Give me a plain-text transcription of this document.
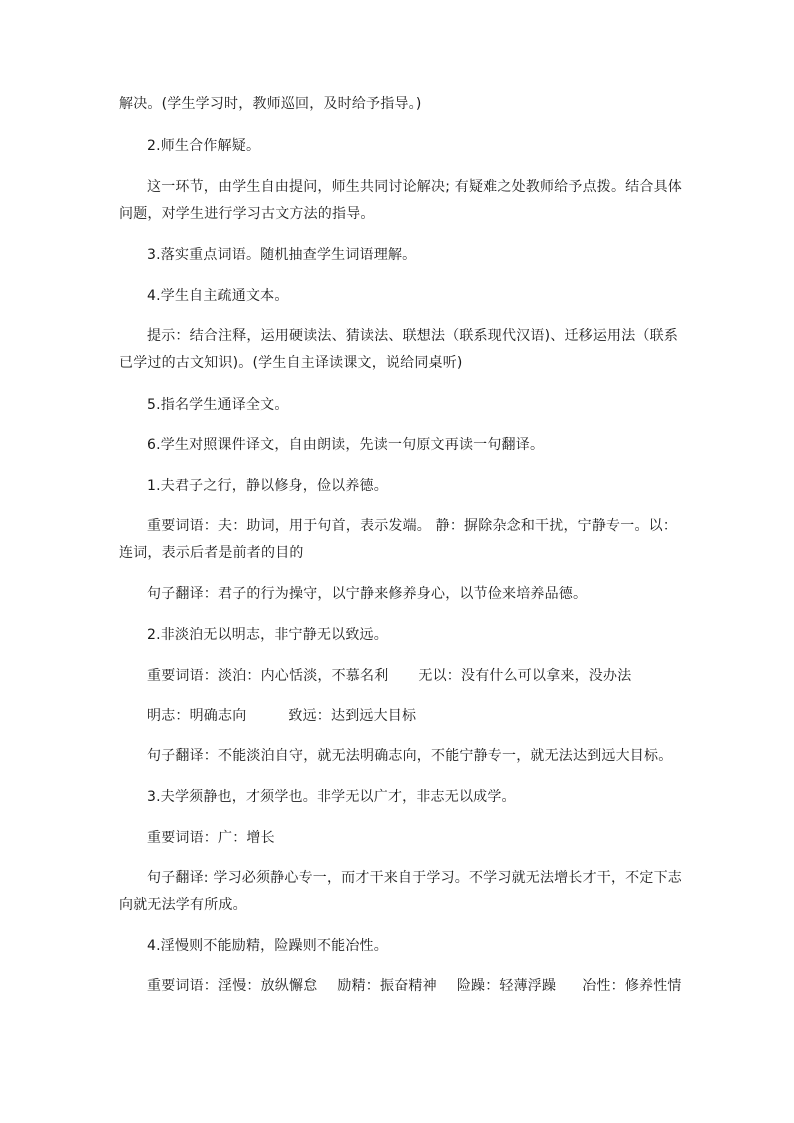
解决。(学生学习时，教师巡回，及时给予指导。)
2.师生合作解疑。
这一环节，由学生自由提问，师生共同讨论解决; 有疑难之处教师给予点拨。结合具体
问题，对学生进行学习古文方法的指导。
3.落实重点词语。随机抽查学生词语理解。
4.学生自主疏通文本。
提示：结合注释，运用硬读法、猜读法、联想法（联系现代汉语)、迁移运用法（联系
已学过的古文知识)。(学生自主译读课文，说给同桌听)
5.指名学生通译全文。
6.学生对照课件译文，自由朗读，先读一句原文再读一句翻译。
1.夫君子之行，静以修身，俭以养德。
重要词语：夫：助词，用于句首，表示发端。 静：摒除杂念和干扰，宁静专一。以：
连词，表示后者是前者的目的
句子翻译：君子的行为操守，以宁静来修养身心，以节俭来培养品德。
2.非淡泊无以明志，非宁静无以致远。
重要词语：淡泊：内心恬淡，不慕名利 无以：没有什么可以拿来，没办法
明志：明确志向	致远：达到远大目标
句子翻译：不能淡泊自守，就无法明确志向，不能宁静专一，就无法达到远大目标。
3.夫学须静也，才须学也。非学无以广才，非志无以成学。
重要词语：广：增长
句子翻译: 学习必须静心专一，而才干来自于学习。不学习就无法增长才干，不定下志
向就无法学有所成。
4.淫慢则不能励精，险躁则不能冶性。
重要词语：淫慢：放纵懈怠 励精：振奋精神 险躁：轻薄浮躁 冶性：修养性情
